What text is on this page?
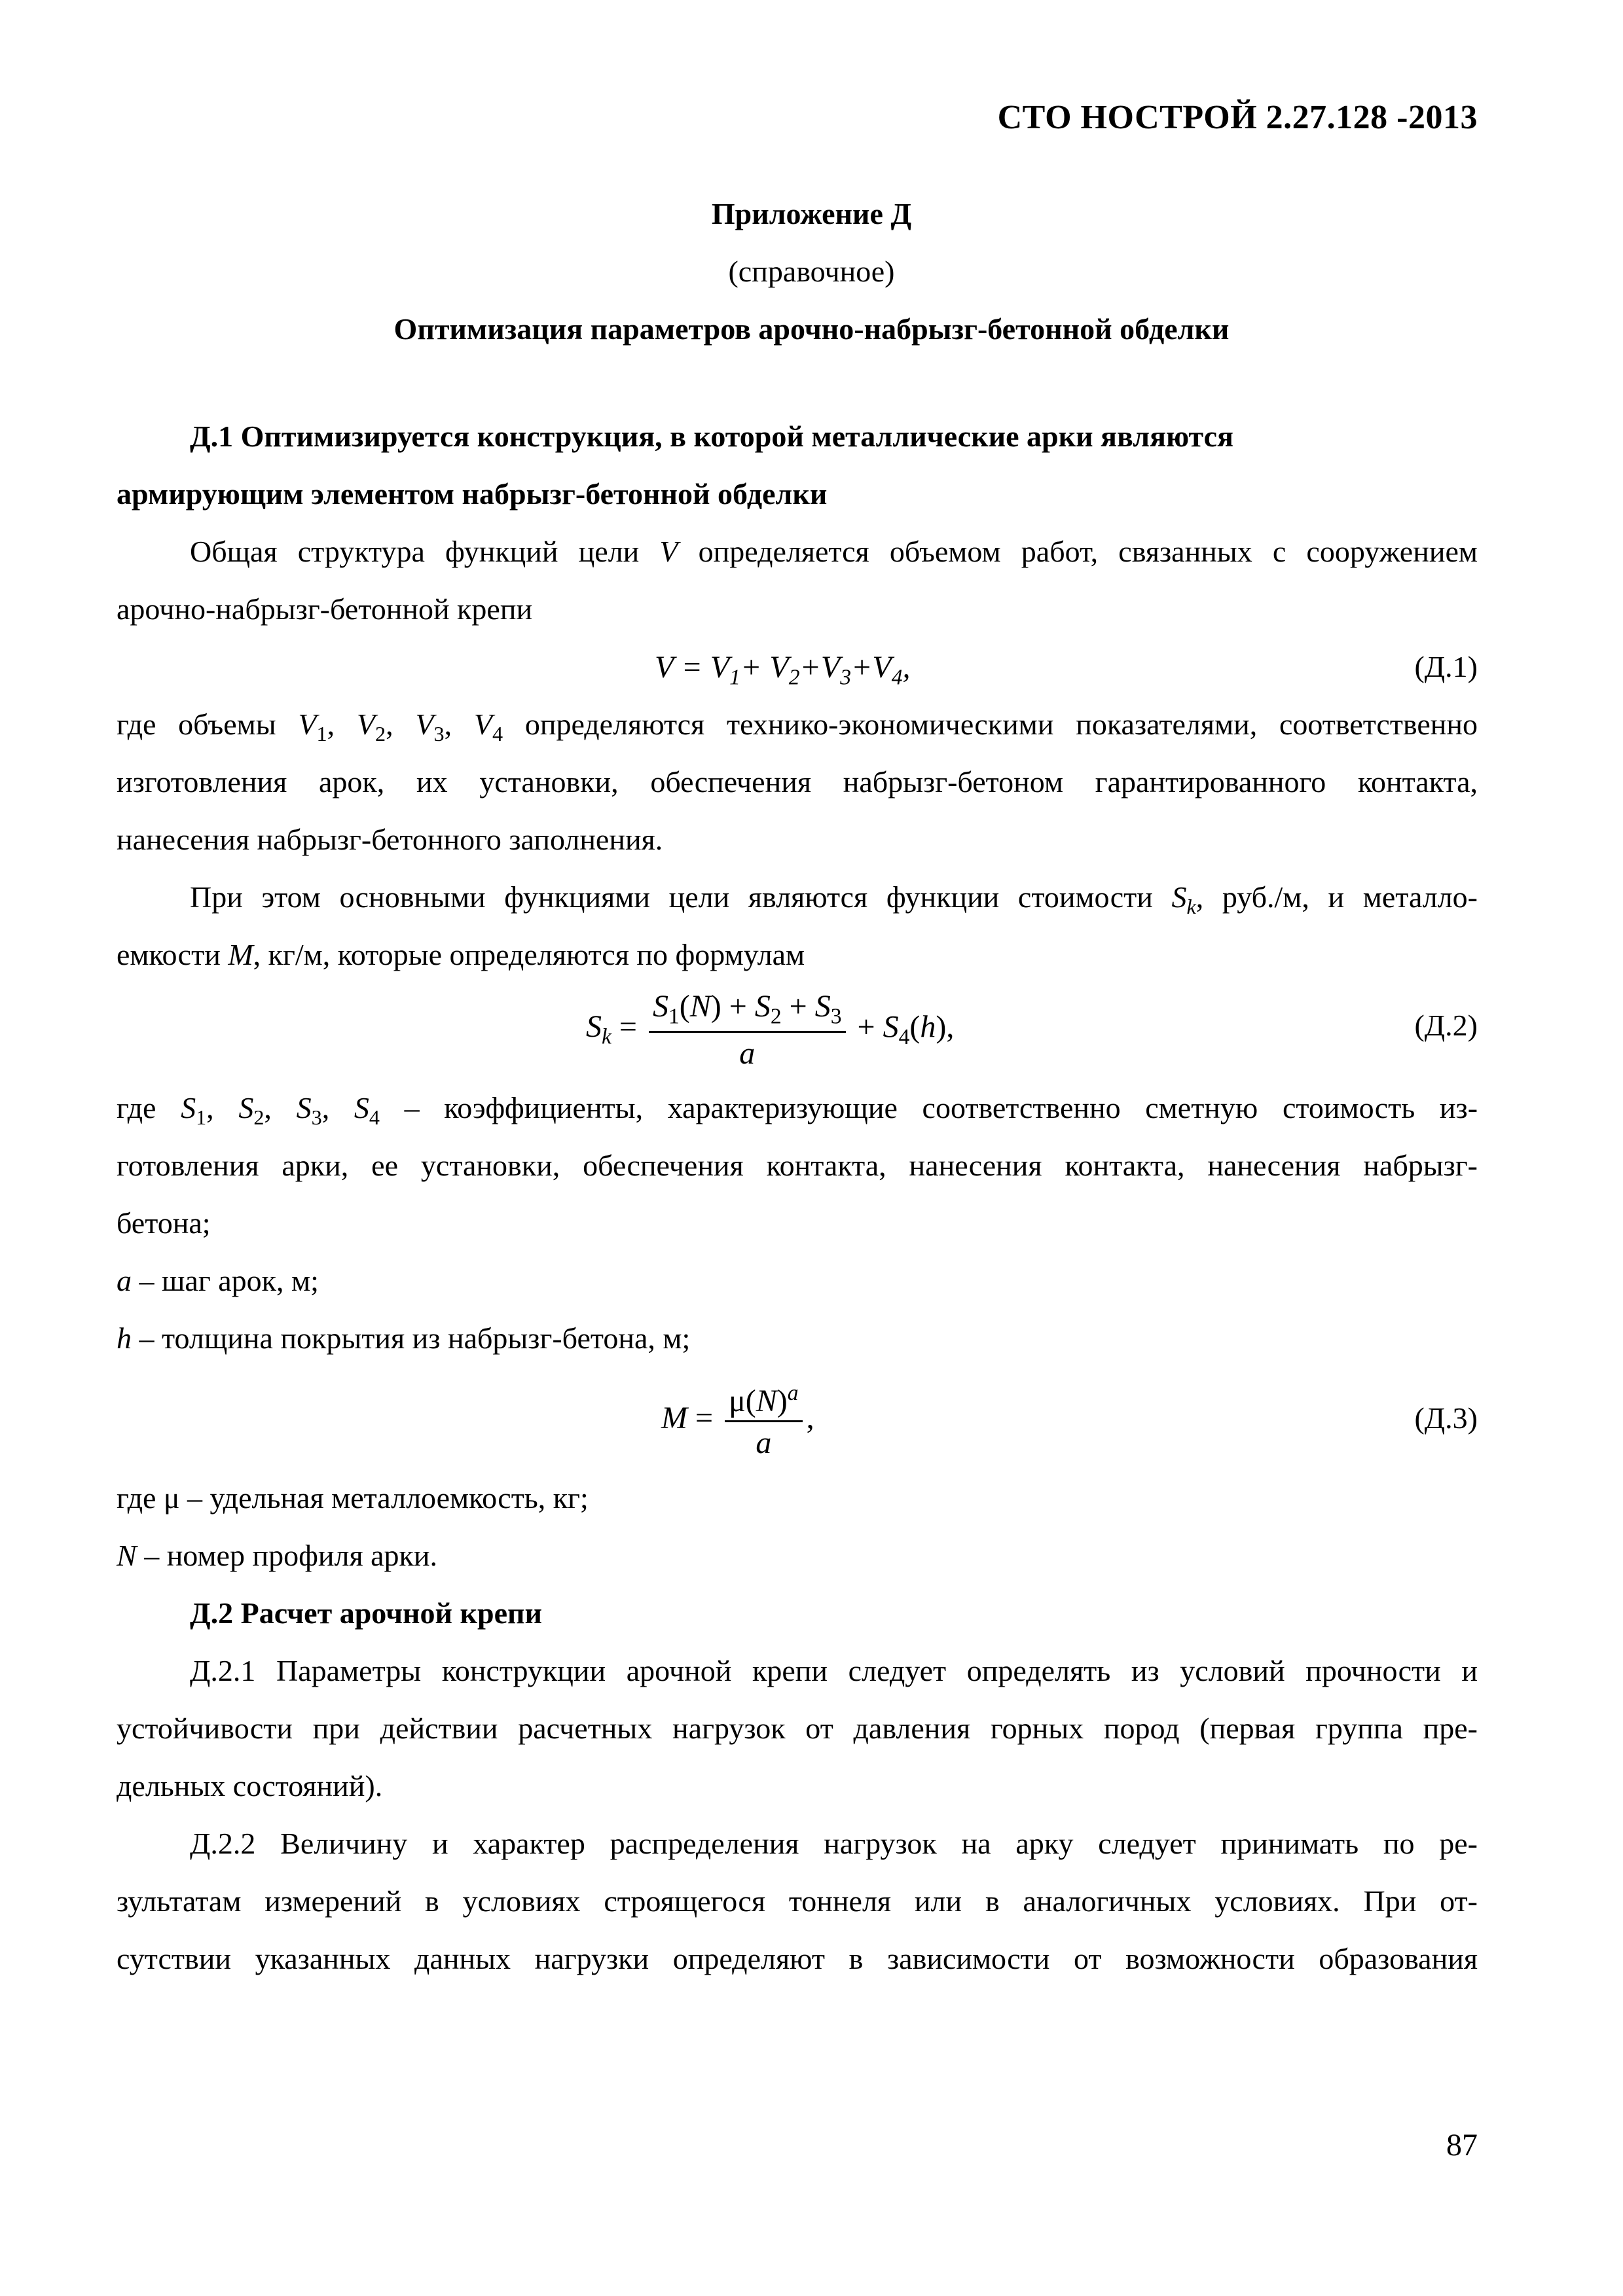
СТО НОСТРОЙ 2.27.128 -2013
Приложение Д
(справочное)
Оптимизация параметров арочно-набрызг-бетонной обделки
Д.1 Оптимизируется конструкция, в которой металлические арки являются
армирующим элементом набрызг-бетонной обделки
Общая структура функций цели V определяется объемом работ, связанных с сооружением
арочно-набрызг-бетонной крепи
$V = V_1+ V_2+V_3+V_4$,	(Д.1)
где объемы $V_1$, $V_2$, $V_3$, $V_4$ определяются технико-экономическими показателями, соответственно
изготовления арок, их установки, обеспечения набрызг-бетоном гарантированного контакта,
нанесения набрызг-бетонного заполнения.
При этом основными функциями цели являются функции стоимости $S_k$, руб./м, и металло-
емкости M, кг/м, которые определяются по формулам
$S_k = \frac{S_1(N) + S_2 + S_3}{a} + S_4(h)$,	(Д.2)
где $S_1$, $S_2$, $S_3$, $S_4$ – коэффициенты, характеризующие соответственно сметную стоимость из-
готовления арки, ее установки, обеспечения контакта, нанесения контакта, нанесения набрызг-
бетона;
a – шаг арок, м;
h – толщина покрытия из набрызг-бетона, м;
$M = \frac{\mu(N)^a}{a}$ ,	(Д.3)
где μ – удельная металлоемкость, кг;
N – номер профиля арки.
Д.2 Расчет арочной крепи
Д.2.1 Параметры конструкции арочной крепи следует определять из условий прочности и
устойчивости при действии расчетных нагрузок от давления горных пород (первая группа пре-
дельных состояний).
Д.2.2 Величину и характер распределения нагрузок на арку следует принимать по ре-
зультатам измерений в условиях строящегося тоннеля или в аналогичных условиях. При от-
сутствии указанных данных нагрузки определяют в зависимости от возможности образования
87
